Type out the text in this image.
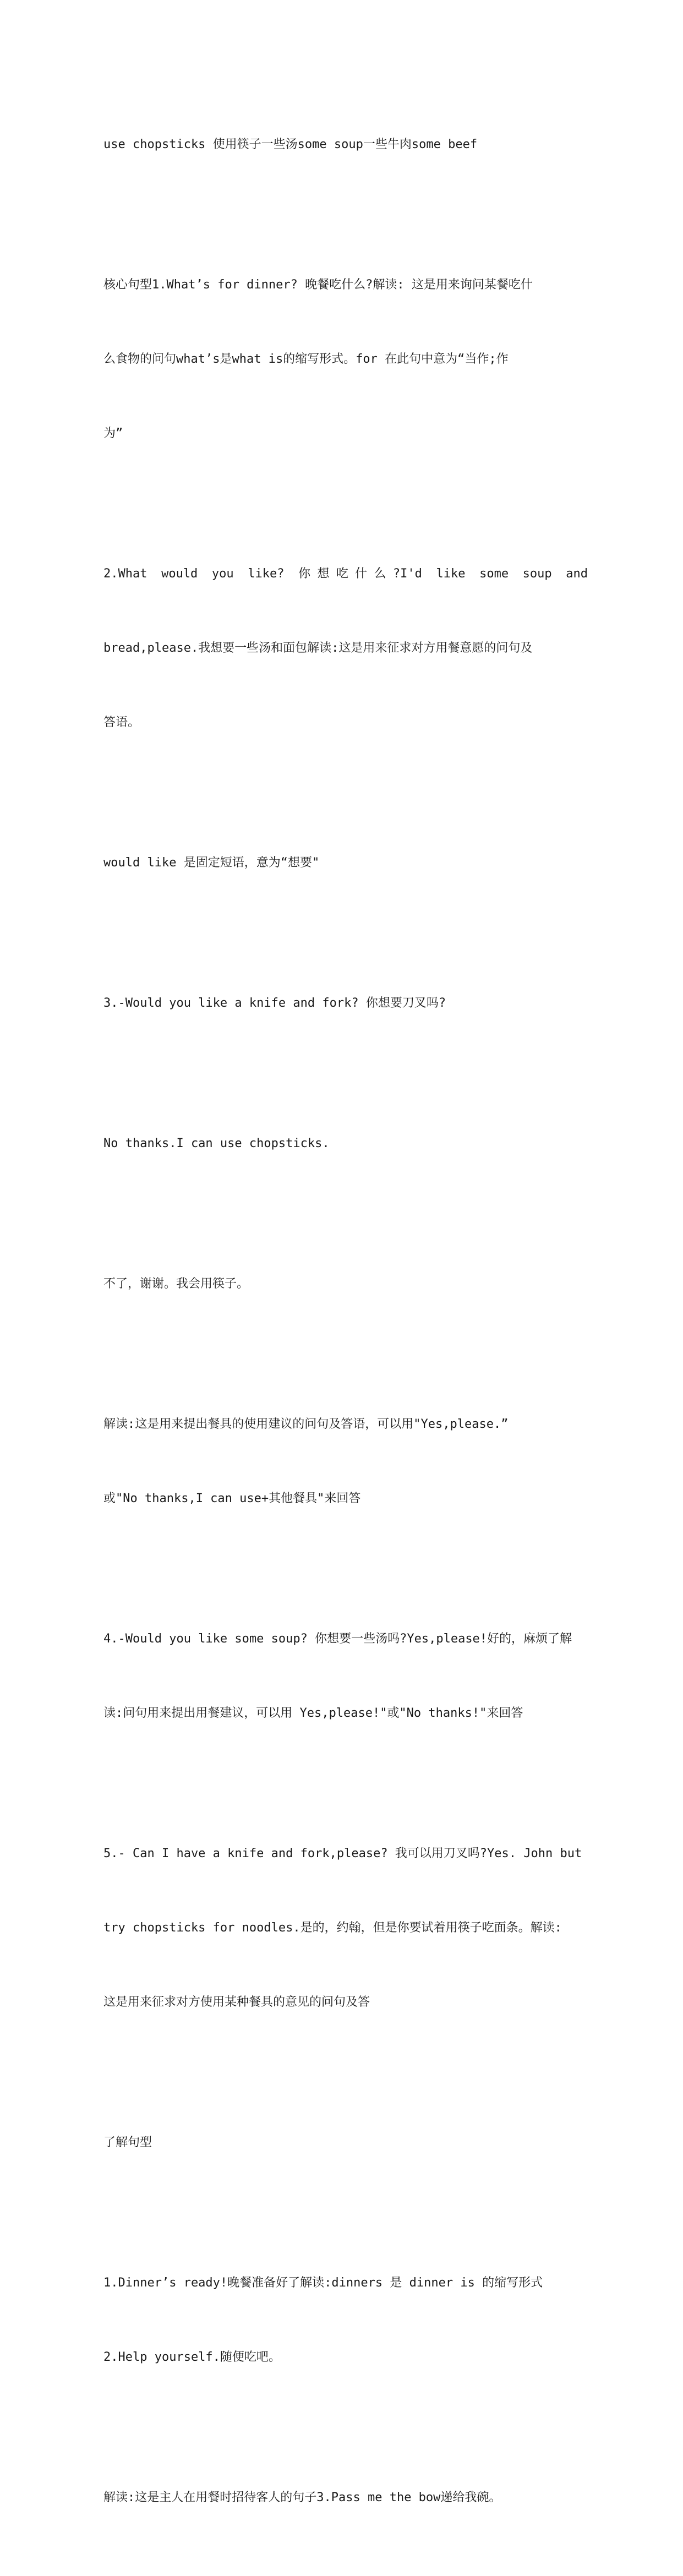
use chopsticks 使用筷子一些汤some soup一些牛肉some beef

核心句型1.What’s for dinner? 晚餐吃什么?解读: 这是用来询问某餐吃什

么食物的问句what’s是what is的缩写形式。for 在此句中意为“当作;作

为”

2.What would you like? 你想吃什么?I'd like some soup and

bread,please.我想要一些汤和面包解读:这是用来征求对方用餐意愿的问句及

答语。

would like 是固定短语，意为“想要"

3.-Would you like a knife and fork? 你想要刀叉吗?

No thanks.I can use chopsticks.

不了，谢谢。我会用筷子。

解读:这是用来提出餐具的使用建议的问句及答语，可以用"Yes,please.”

或"No thanks,I can use+其他餐具"来回答

4.-Would you like some soup? 你想要一些汤吗?Yes,please!好的，麻烦了解

读:问句用来提出用餐建议，可以用 Yes,please!"或"No thanks!"来回答

5.- Can I have a knife and fork,please? 我可以用刀叉吗?Yes. John but

try chopsticks for noodles.是的，约翰，但是你要试着用筷子吃面条。解读:

这是用来征求对方使用某种餐具的意见的问句及答

了解句型

1.Dinner’s ready!晚餐准备好了解读:dinners 是 dinner is 的缩写形式

2.Help yourself.随便吃吧。

解读:这是主人在用餐时招待客人的句子3.Pass me the bow递给我碗。
